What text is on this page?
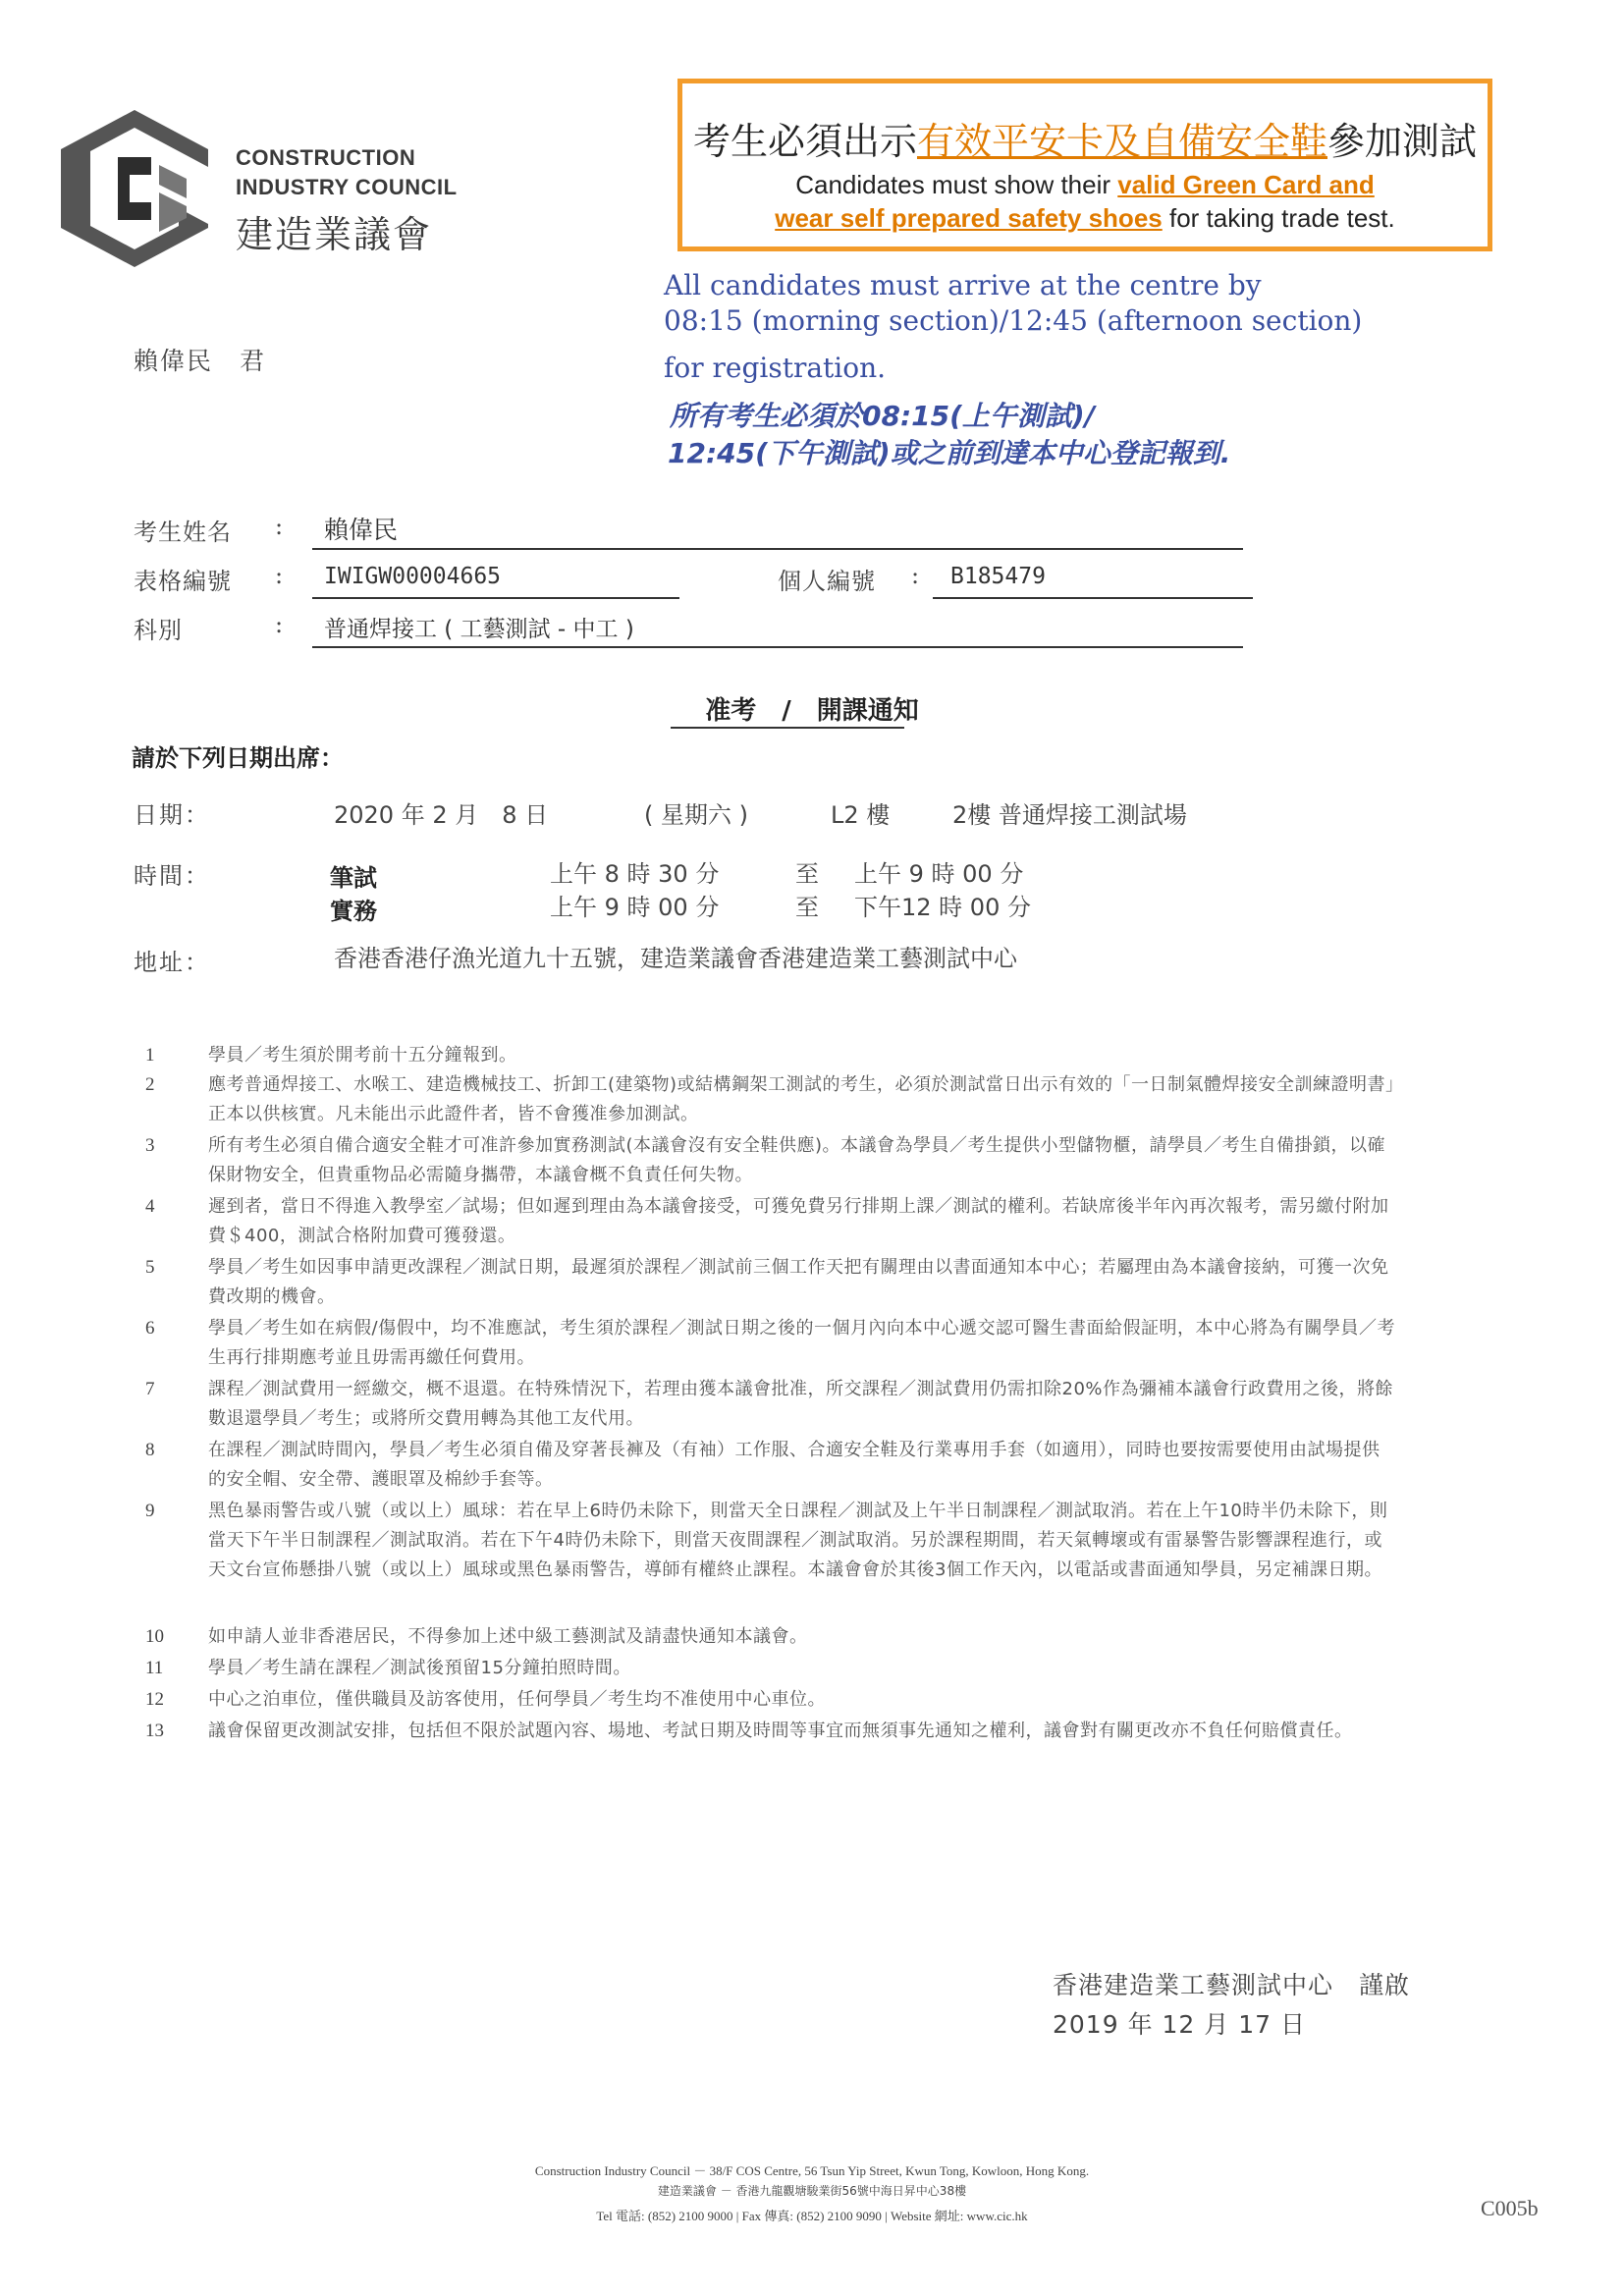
CONSTRUCTION
INDUSTRY COUNCIL
建造業議會
考生必須出示有效平安卡及自備安全鞋參加測試
Candidates must show their valid Green Card and
wear self prepared safety shoes for taking trade test.
All candidates must arrive at the centre by
08:15 (morning section)/12:45 (afternoon section)
for registration.
所有考生必須於08:15(上午測試)/
12:45(下午測試)或之前到達本中心登記報到.
賴偉民　君
考生姓名 : 賴偉民
表格編號 : IWIGW00004665	個人編號 : B185479
科別	: 普通焊接工 ( 工藝測試 - 中工 )
准考　/　開課通知
請於下列日期出席：
日期：	2020 年 2 月　8 日	( 星期六 )	L2 樓	2樓 普通焊接工測試場
時間：	筆試	上午 8 時 30 分	至 上午 9 時 00 分
實務	上午 9 時 00 分	至 下午12 時 00 分
地址：	香港香港仔漁光道九十五號，建造業議會香港建造業工藝測試中心
1	學員／考生須於開考前十五分鐘報到。
2	應考普通焊接工、水喉工、建造機械技工、折卸工(建築物)或結構鋼架工測試的考生，必須於測試當日出示有效的「一日制氣體焊接安全訓練證明書」正本以供核實。凡未能出示此證件者，皆不會獲准參加測試。
3	所有考生必須自備合適安全鞋才可准許參加實務測試(本議會沒有安全鞋供應)。本議會為學員／考生提供小型儲物櫃，請學員／考生自備掛鎖，以確保財物安全，但貴重物品必需隨身攜帶，本議會概不負責任何失物。
4	遲到者，當日不得進入教學室／試場；但如遲到理由為本議會接受，可獲免費另行排期上課／測試的權利。若缺席後半年內再次報考，需另繳付附加費＄400，測試合格附加費可獲發還。
5	學員／考生如因事申請更改課程／測試日期，最遲須於課程／測試前三個工作天把有關理由以書面通知本中心；若屬理由為本議會接納，可獲一次免費改期的機會。
6	學員／考生如在病假/傷假中，均不准應試，考生須於課程／測試日期之後的一個月內向本中心遞交認可醫生書面給假証明，本中心將為有關學員／考生再行排期應考並且毋需再繳任何費用。
7	課程／測試費用一經繳交，概不退還。在特殊情況下，若理由獲本議會批准，所交課程／測試費用仍需扣除20%作為彌補本議會行政費用之後，將餘數退還學員／考生；或將所交費用轉為其他工友代用。
8	在課程／測試時間內，學員／考生必須自備及穿著長褲及（有袖）工作服、合適安全鞋及行業專用手套（如適用），同時也要按需要使用由試場提供的安全帽、安全帶、護眼罩及棉紗手套等。
9	黑色暴雨警告或八號（或以上）風球：若在早上6時仍未除下，則當天全日課程／測試及上午半日制課程／測試取消。若在上午10時半仍未除下，則當天下午半日制課程／測試取消。若在下午4時仍未除下，則當天夜間課程／測試取消。另於課程期間，若天氣轉壞或有雷暴警告影響課程進行，或天文台宣佈懸掛八號（或以上）風球或黑色暴雨警告，導師有權終止課程。本議會會於其後3個工作天內，以電話或書面通知學員，另定補課日期。
10	如申請人並非香港居民，不得參加上述中級工藝測試及請盡快通知本議會。
11	學員／考生請在課程／測試後預留15分鐘拍照時間。
12	中心之泊車位，僅供職員及訪客使用，任何學員／考生均不准使用中心車位。
13	議會保留更改測試安排，包括但不限於試題內容、場地、考試日期及時間等事宜而無須事先通知之權利，議會對有關更改亦不負任何賠償責任。
香港建造業工藝測試中心　謹啟
2019 年 12 月 17 日
Construction Industry Council － 38/F COS Centre, 56 Tsun Yip Street, Kwun Tong, Kowloon, Hong Kong.
建造業議會 － 香港九龍觀塘駿業街56號中海日昇中心38樓
Tel 電話: (852) 2100 9000 | Fax 傳真: (852) 2100 9090 | Website 網址: www.cic.hk	C005b
